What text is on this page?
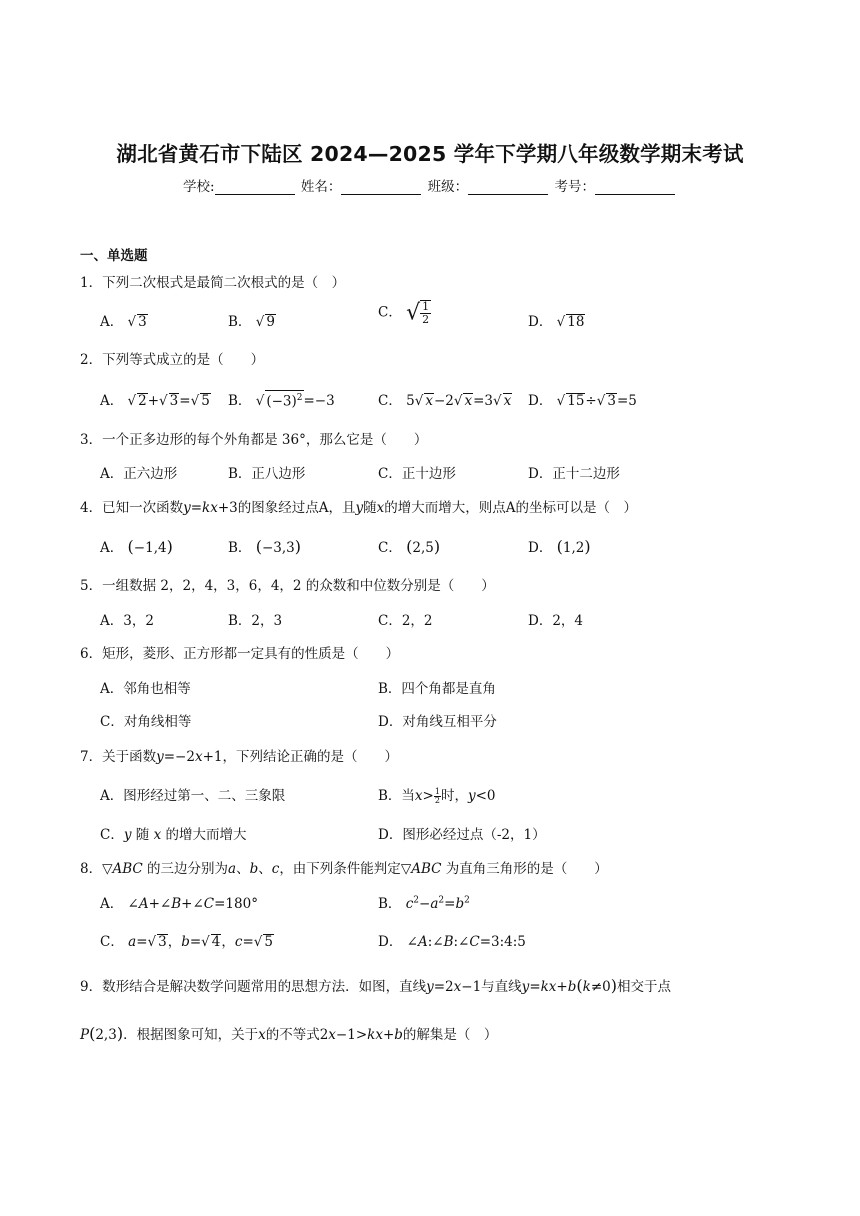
湖北省黄石市下陆区 2024—2025 学年下学期八年级数学期末考试
学校:	姓名：	班级：	考号：
一、单选题
1．下列二次根式是最简二次根式的是（　）
A． √ 3	B． √ 9
C． √ $\frac{1}{2}$	D． √ 18
2．下列等式成立的是（　　）
A． √ 2+√ 3=√ 5 B． √ $(-3)^2=-3$	C． 5√ x−2√ x=3√ x D． √ 15÷√ 3=5
3．一个正多边形的每个外角都是 36°，那么它是（　　）
A．正六边形	B．正八边形	C．正十边形	D．正十二边形
4．已知一次函数y=kx+3的图象经过点A，且y随x的增大而增大，则点A的坐标可以是（　）
A． (−1,4)	B． (−3,3)	C． (2,5)	D． (1,2)
5．一组数据 2，2，4，3，6，4，2 的众数和中位数分别是（　　）
A．3，2	B．2，3	C．2，2	D．2，4
6．矩形，菱形、正方形都一定具有的性质是（　　）
A．邻角也相等	B．四个角都是直角
C．对角线相等	D．对角线互相平分
7．关于函数y=−2x+1，下列结论正确的是（　　）
A．图形经过第一、二、三象限	B．当$x> \frac{1}{2}$ 时，y<0
C．y 随 x 的增大而增大	D．图形必经过点（-2，1）
8．▽ABC 的三边分别为a、b、c，由下列条件能判定▽ABC 为直角三角形的是（　　）
A． ∠A+∠B+∠C=180°	B． $c^2-a^2=b^2$
C． a=√ 3，b=√ 4，c=√ 5	D． ∠A:∠B:∠C=3:4:5
9．数形结合是解决数学问题常用的思想方法．如图，直线y=2x−1与直线y=kx+b(k≠0)相交于点
P(2,3)．根据图象可知，关于x的不等式2x−1>kx+b的解集是（　）
